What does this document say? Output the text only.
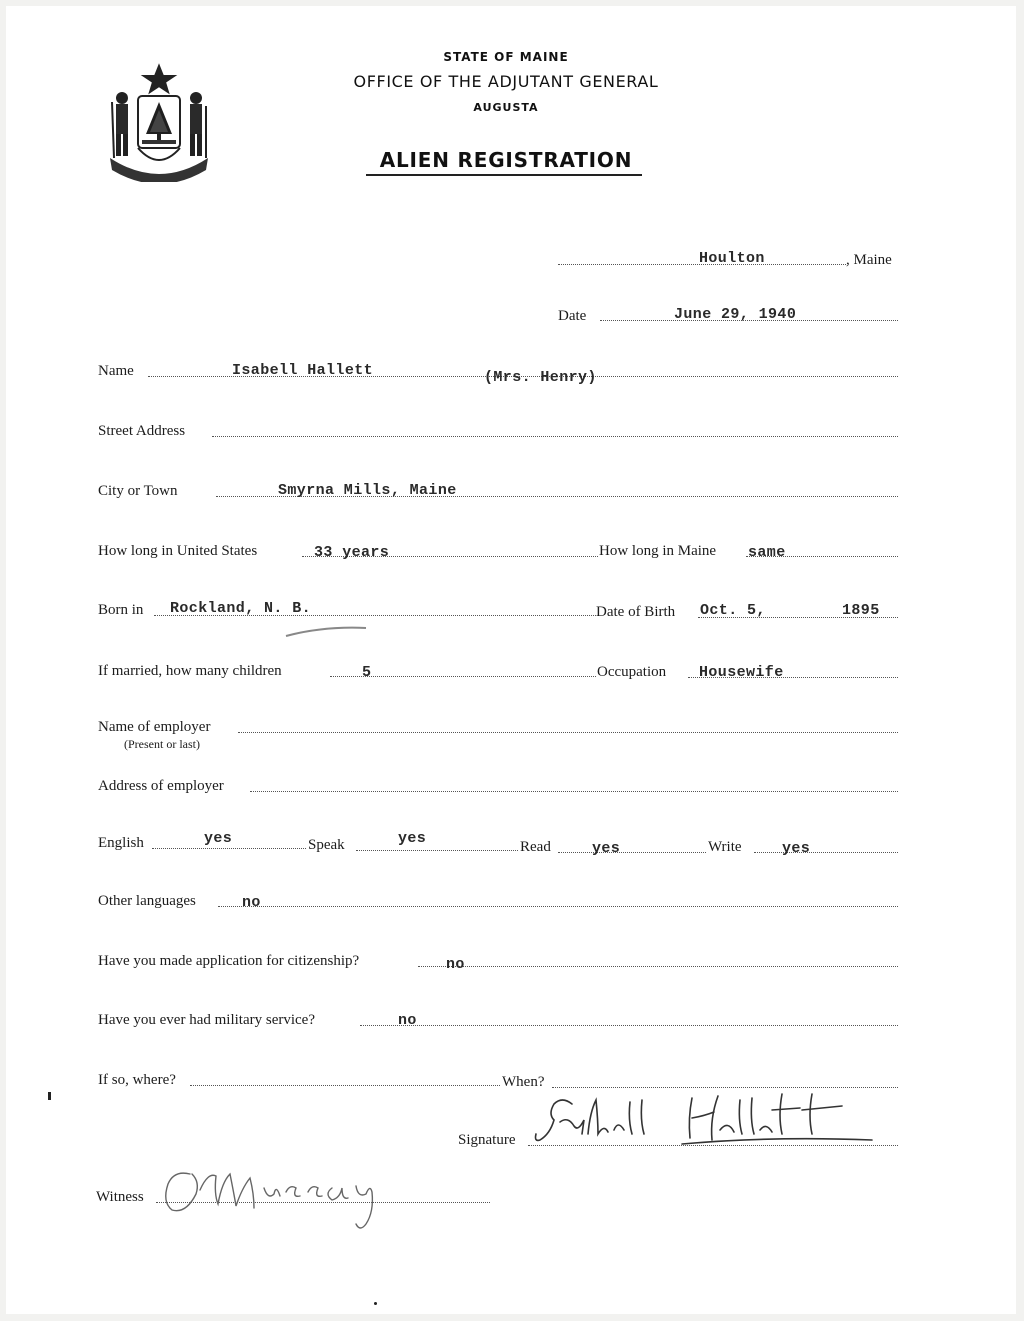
MAINE
STATE OF MAINE
OFFICE OF THE ADJUTANT GENERAL
AUGUSTA
ALIEN REGISTRATION
Houlton	, Maine
Date	June 29, 1940
Name	Isabell Hallett	(Mrs. Henry)
Street Address
City or Town	Smyrna Mills, Maine
How long in United States	33 years	How long in Maine same
Born in Rockland, N. B.	Date of Birth Oct. 5,	1895
If married, how many children	5	Occupation Housewife
Name of employer
(Present or last)
Address of employer
English	yes	Speak	yes	Read	yes	Write	yes
Other languages	no
Have you made application for citizenship?	no
Have you ever had military service?	no
If so, where?	When?
Signature
Witness
